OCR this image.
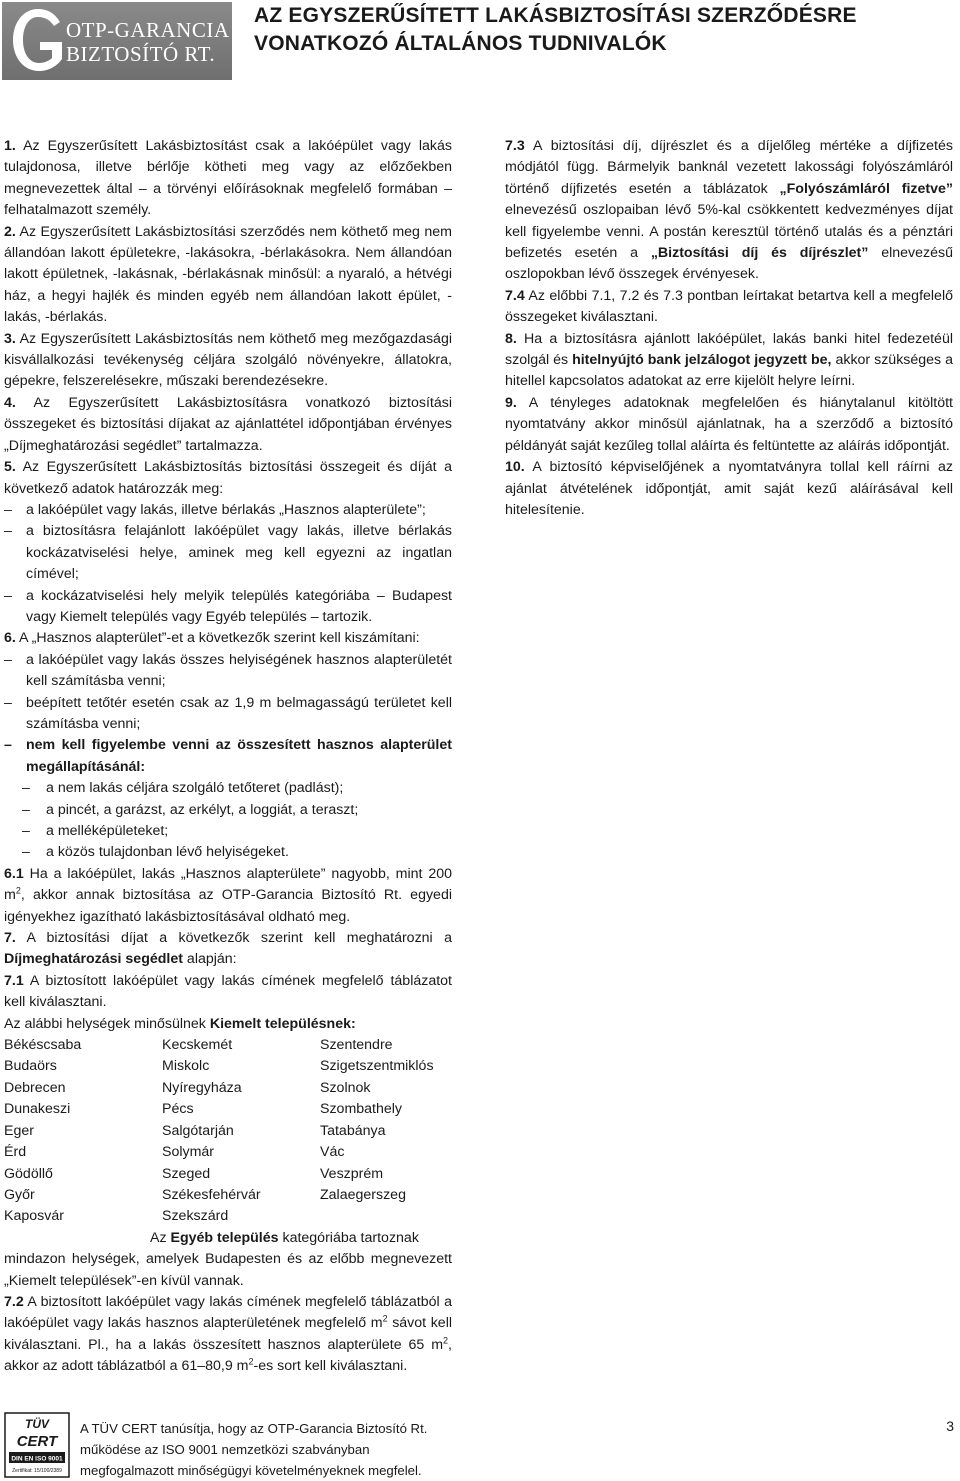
OTP-GARANCIA
BIZTOSÍTÓ RT.
AZ EGYSZERŰSÍTETT LAKÁSBIZTOSÍTÁSI SZERZŐDÉSRE
VONATKOZÓ ÁLTALÁNOS TUDNIVALÓK

1. Az Egyszerűsített Lakásbiztosítást csak a lakóépület vagy lakás tulajdonosa, illetve bérlője kötheti meg vagy az előzőekben megnevezettek által – a törvényi előírásoknak megfelelő formában – felhatalmazott személy.

2. Az Egyszerűsített Lakásbiztosítási szerződés nem köthető meg nem állandóan lakott épületekre, -lakásokra, -bérlakásokra. Nem állandóan lakott épületnek, -lakásnak, -bérlakásnak minősül: a nyaraló, a hétvégi ház, a hegyi hajlék és minden egyéb nem állandóan lakott épület, -lakás, -bérlakás.

3. Az Egyszerűsített Lakásbiztosítás nem köthető meg mezőgazdasági kisvállalkozási tevékenység céljára szolgáló növényekre, állatokra, gépekre, felszerelésekre, műszaki berendezésekre.

4. Az Egyszerűsített Lakásbiztosításra vonatkozó biztosítási összegeket és biztosítási díjakat az ajánlattétel időpontjában érvényes „Díjmeghatározási segédlet” tartalmazza.

5. Az Egyszerűsített Lakásbiztosítás biztosítási összegeit és díját a következő adatok határozzák meg:

– a lakóépület vagy lakás, illetve bérlakás „Hasznos alapterülete”;
– a biztosításra felajánlott lakóépület vagy lakás, illetve bérlakás kockázatviselési helye, aminek meg kell egyezni az ingatlan címével;
– a kockázatviselési hely melyik település kategóriába – Budapest vagy Kiemelt település vagy Egyéb település – tartozik.

6. A „Hasznos alapterület”-et a következők szerint kell kiszámítani:

– a lakóépület vagy lakás összes helyiségének hasznos alapterületét kell számításba venni;
– beépített tetőtér esetén csak az 1,9 m belmagasságú területet kell számításba venni;
– nem kell figyelembe venni az összesített hasznos alapterület megállapításánál:
–	a nem lakás céljára szolgáló tetőteret (padlást);
–	a pincét, a garázst, az erkélyt, a loggiát, a teraszt;
–	a melléképületeket;
–	a közös tulajdonban lévő helyiségeket.

6.1 Ha a lakóépület, lakás „Hasznos alapterülete” nagyobb, mint 200 $m^2$, akkor annak biztosítása az OTP-Garancia Biztosító Rt. egyedi igényekhez igazítható lakásbiztosításával oldható meg.

7. A biztosítási díjat a következők szerint kell meghatározni a Díjmeghatározási segédlet alapján:

7.1 A biztosított lakóépület vagy lakás címének megfelelő táblázatot kell kiválasztani.

Az alábbi helységek minősülnek Kiemelt településnek:

Békéscsaba	Kecskemét	Szentendre
Budaörs	Miskolc	Szigetszentmiklós
Debrecen	Nyíregyháza	Szolnok
Dunakeszi	Pécs	Szombathely
Eger	Salgótarján	Tatabánya
Érd	Solymár	Vác
Gödöllő	Szeged	Veszprém
Győr	Székesfehérvár	Zalaegerszeg
Kaposvár	Szekszárd

Az Egyéb település kategóriába tartoznak

mindazon helységek, amelyek Budapesten és az előbb megnevezett „Kiemelt települések”-en kívül vannak.

7.2 A biztosított lakóépület vagy lakás címének megfelelő táblázatból a lakóépület vagy lakás hasznos alapterületének megfelelő $m^2$ sávot kell kiválasztani. Pl., ha a lakás összesített hasznos alapterülete 65 $m^2$, akkor az adott táblázatból a 61–80,9 $m^2-es$ sort kell kiválasztani.

7.3 A biztosítási díj, díjrészlet és a díjelőleg mértéke a díjfizetés módjától függ. Bármelyik banknál vezetett lakossági folyószámláról történő díjfizetés esetén a táblázatok „Folyószámláról fizetve” elnevezésű oszlopaiban lévő 5%-kal csökkentett kedvezményes díjat kell figyelembe venni. A postán keresztül történő utalás és a pénztári befizetés esetén a „Biztosítási díj és díjrészlet” elnevezésű oszlopokban lévő összegek érvényesek.

7.4 Az előbbi 7.1, 7.2 és 7.3 pontban leírtakat betartva kell a megfelelő összegeket kiválasztani.

8. Ha a biztosításra ajánlott lakóépület, lakás banki hitel fedezetéül szolgál és hitelnyújtó bank jelzálogot jegyzett be, akkor szükséges a hitellel kapcsolatos adatokat az erre kijelölt helyre leírni.

9. A tényleges adatoknak megfelelően és hiánytalanul kitöltött nyomtatvány akkor minősül ajánlatnak, ha a szerződő a biztosító példányát saját kezűleg tollal aláírta és feltüntette az aláírás időpontját.

10. A biztosító képviselőjének a nyomtatványra tollal kell ráírni az ajánlat átvételének időpontját, amit saját kezű aláírásával kell hitelesítenie.

TÜV
CERT
DIN EN ISO 9001
Zertifikat: 15/100/2389
A TÜV CERT tanúsítja, hogy az OTP-Garancia Biztosító Rt.
működése az ISO 9001 nemzetközi szabványban
megfogalmazott minőségügyi követelményeknek megfelel.
3
